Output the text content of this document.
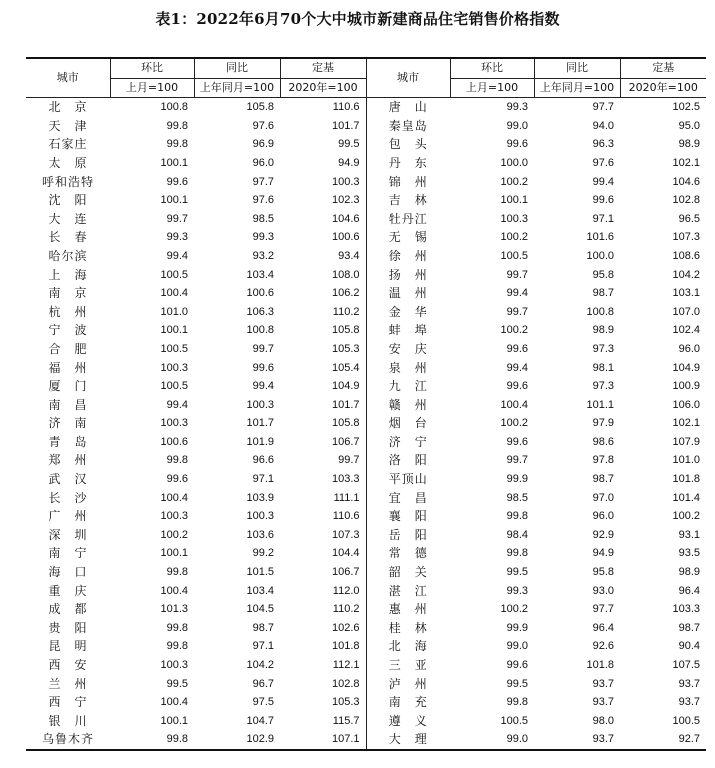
表1：2022年6月70个大中城市新建商品住宅销售价格指数
城市	环比	同比	定基	城市	环比	同比	定基
	上月=100	上年同月=100	2020年=100		上月=100	上年同月=100	2020年=100
北　京	100.8	105.8	110.6	唐　山	99.3	97.7	102.5
天　津	99.8	97.6	101.7	秦皇岛	99.0	94.0	95.0
石家庄	99.8	96.9	99.5	包　头	99.6	96.3	98.9
太　原	100.1	96.0	94.9	丹　东	100.0	97.6	102.1
呼和浩特	99.6	97.7	100.3	锦　州	100.2	99.4	104.6
沈　阳	100.1	97.6	102.3	吉　林	100.1	99.6	102.8
大　连	99.7	98.5	104.6	牡丹江	100.3	97.1	96.5
长　春	99.3	99.3	100.6	无　锡	100.2	101.6	107.3
哈尔滨	99.4	93.2	93.4	徐　州	100.5	100.0	108.6
上　海	100.5	103.4	108.0	扬　州	99.7	95.8	104.2
南　京	100.4	100.6	106.2	温　州	99.4	98.7	103.1
杭　州	101.0	106.3	110.2	金　华	99.7	100.8	107.0
宁　波	100.1	100.8	105.8	蚌　埠	100.2	98.9	102.4
合　肥	100.5	99.7	105.3	安　庆	99.6	97.3	96.0
福　州	100.3	99.6	105.4	泉　州	99.4	98.1	104.9
厦　门	100.5	99.4	104.9	九　江	99.6	97.3	100.9
南　昌	99.4	100.3	101.7	赣　州	100.4	101.1	106.0
济　南	100.3	101.7	105.8	烟　台	100.2	97.9	102.1
青　岛	100.6	101.9	106.7	济　宁	99.6	98.6	107.9
郑　州	99.8	96.6	99.7	洛　阳	99.7	97.8	101.0
武　汉	99.6	97.1	103.3	平顶山	99.9	98.7	101.8
长　沙	100.4	103.9	111.1	宜　昌	98.5	97.0	101.4
广　州	100.3	100.3	110.6	襄　阳	99.8	96.0	100.2
深　圳	100.2	103.6	107.3	岳　阳	98.4	92.9	93.1
南　宁	100.1	99.2	104.4	常　德	99.8	94.9	93.5
海　口	99.8	101.5	106.7	韶　关	99.5	95.8	98.9
重　庆	100.4	103.4	112.0	湛　江	99.3	93.0	96.4
成　都	101.3	104.5	110.2	惠　州	100.2	97.7	103.3
贵　阳	99.8	98.7	102.6	桂　林	99.9	96.4	98.7
昆　明	99.8	97.1	101.8	北　海	99.0	92.6	90.4
西　安	100.3	104.2	112.1	三　亚	99.6	101.8	107.5
兰　州	99.5	96.7	102.8	泸　州	99.5	93.7	93.7
西　宁	100.4	97.5	105.3	南　充	99.8	93.7	93.7
银　川	100.1	104.7	115.7	遵　义	100.5	98.0	100.5
乌鲁木齐	99.8	102.9	107.1	大　理	99.0	93.7	92.7
